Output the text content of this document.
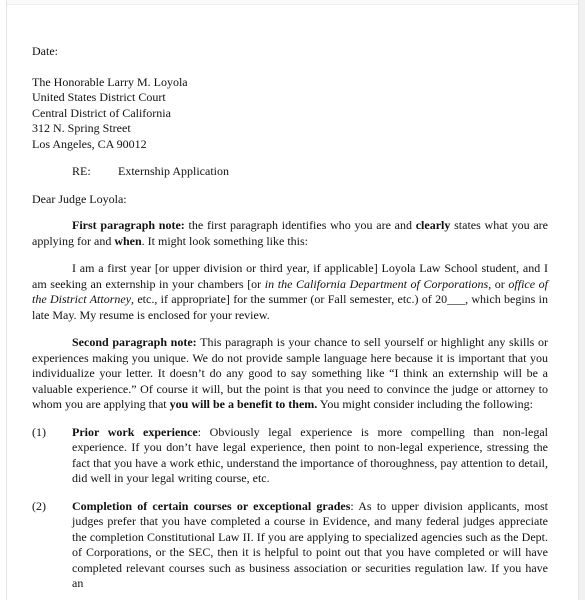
Date:
The Honorable Larry M. Loyola
United States District Court
Central District of California
312 N. Spring Street
Los Angeles, CA 90012
RE: Externship Application
Dear Judge Loyola:

First paragraph note: the first paragraph identifies who you are and clearly states what you are applying for and when. It might look something like this:

I am a first year [or upper division or third year, if applicable] Loyola Law School student, and I am seeking an externship in your chambers [or in the California Department of Corporations, or office of the District Attorney, etc., if appropriate] for the summer (or Fall semester, etc.) of 20___, which begins in late May. My resume is enclosed for your review.

Second paragraph note: This paragraph is your chance to sell yourself or highlight any skills or experiences making you unique. We do not provide sample language here because it is important that you individualize your letter. It doesn’t do any good to say something like “I think an externship will be a valuable experience.” Of course it will, but the point is that you need to convince the judge or attorney to whom you are applying that you will be a benefit to them. You might consider including the following:

(1) Prior work experience: Obviously legal experience is more compelling than non-legal experience. If you don’t have legal experience, then point to non-legal experience, stressing the fact that you have a work ethic, understand the importance of thoroughness, pay attention to detail, did well in your legal writing course, etc.
(2) Completion of certain courses or exceptional grades: As to upper division applicants, most judges prefer that you have completed a course in Evidence, and many federal judges appreciate the completion Constitutional Law II. If you are applying to specialized agencies such as the Dept. of Corporations, or the SEC, then it is helpful to point out that you have completed or will have completed relevant courses such as business association or securities regulation law. If you have an
